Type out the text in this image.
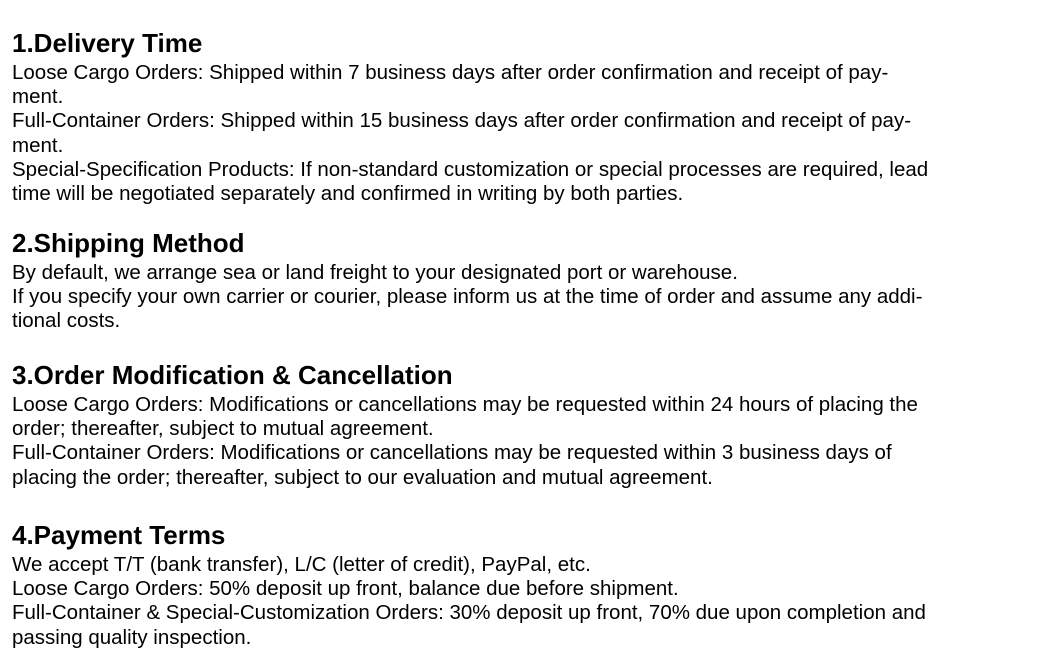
1.Delivery Time

Loose Cargo Orders: Shipped within 7 business days after order confirmation and receipt of pay-

ment.

Full-Container Orders: Shipped within 15 business days after order confirmation and receipt of pay-

ment.

Special-Specification Products: If non-standard customization or special processes are required, lead

time will be negotiated separately and confirmed in writing by both parties.

2.Shipping Method

By default, we arrange sea or land freight to your designated port or warehouse.

If you specify your own carrier or courier, please inform us at the time of order and assume any addi-

tional costs.

3.Order Modification & Cancellation

Loose Cargo Orders: Modifications or cancellations may be requested within 24 hours of placing the

order; thereafter, subject to mutual agreement.

Full-Container Orders: Modifications or cancellations may be requested within 3 business days of

placing the order; thereafter, subject to our evaluation and mutual agreement.

4.Payment Terms

We accept T/T (bank transfer), L/C (letter of credit), PayPal, etc.

Loose Cargo Orders: 50% deposit up front, balance due before shipment.

Full-Container & Special-Customization Orders: 30% deposit up front, 70% due upon completion and

passing quality inspection.
